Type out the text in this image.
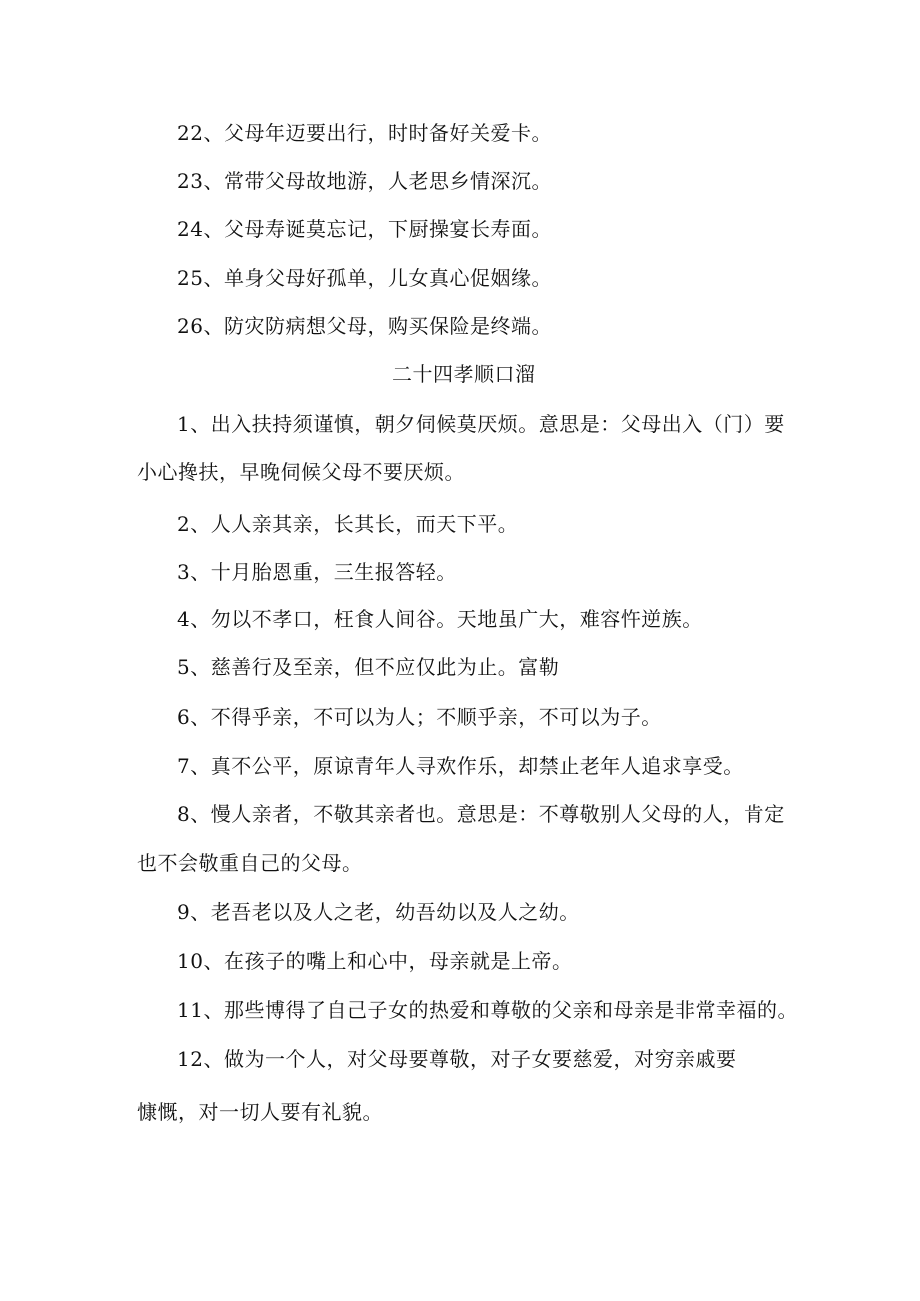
22、父母年迈要出行，时时备好关爱卡。
23、常带父母故地游，人老思乡情深沉。
24、父母寿诞莫忘记，下厨操宴长寿面。
25、单身父母好孤单，儿女真心促姻缘。
26、防灾防病想父母，购买保险是终端。
二十四孝顺口溜
1、出入扶持须谨慎，朝夕伺候莫厌烦。意思是：父母出入（门）要
小心搀扶，早晚伺候父母不要厌烦。
2、人人亲其亲，长其长，而天下平。
3、十月胎恩重，三生报答轻。
4、勿以不孝口，枉食人间谷。天地虽广大，难容忤逆族。
5、慈善行及至亲，但不应仅此为止。富勒
6、不得乎亲，不可以为人；不顺乎亲，不可以为子。
7、真不公平，原谅青年人寻欢作乐，却禁止老年人追求享受。
8、慢人亲者，不敬其亲者也。意思是：不尊敬别人父母的人，肯定
也不会敬重自己的父母。
9、老吾老以及人之老，幼吾幼以及人之幼。
10、在孩子的嘴上和心中，母亲就是上帝。
11、那些博得了自己子女的热爱和尊敬的父亲和母亲是非常幸福的。
12、做为一个人，对父母要尊敬，对子女要慈爱，对穷亲戚要
慷慨，对一切人要有礼貌。
